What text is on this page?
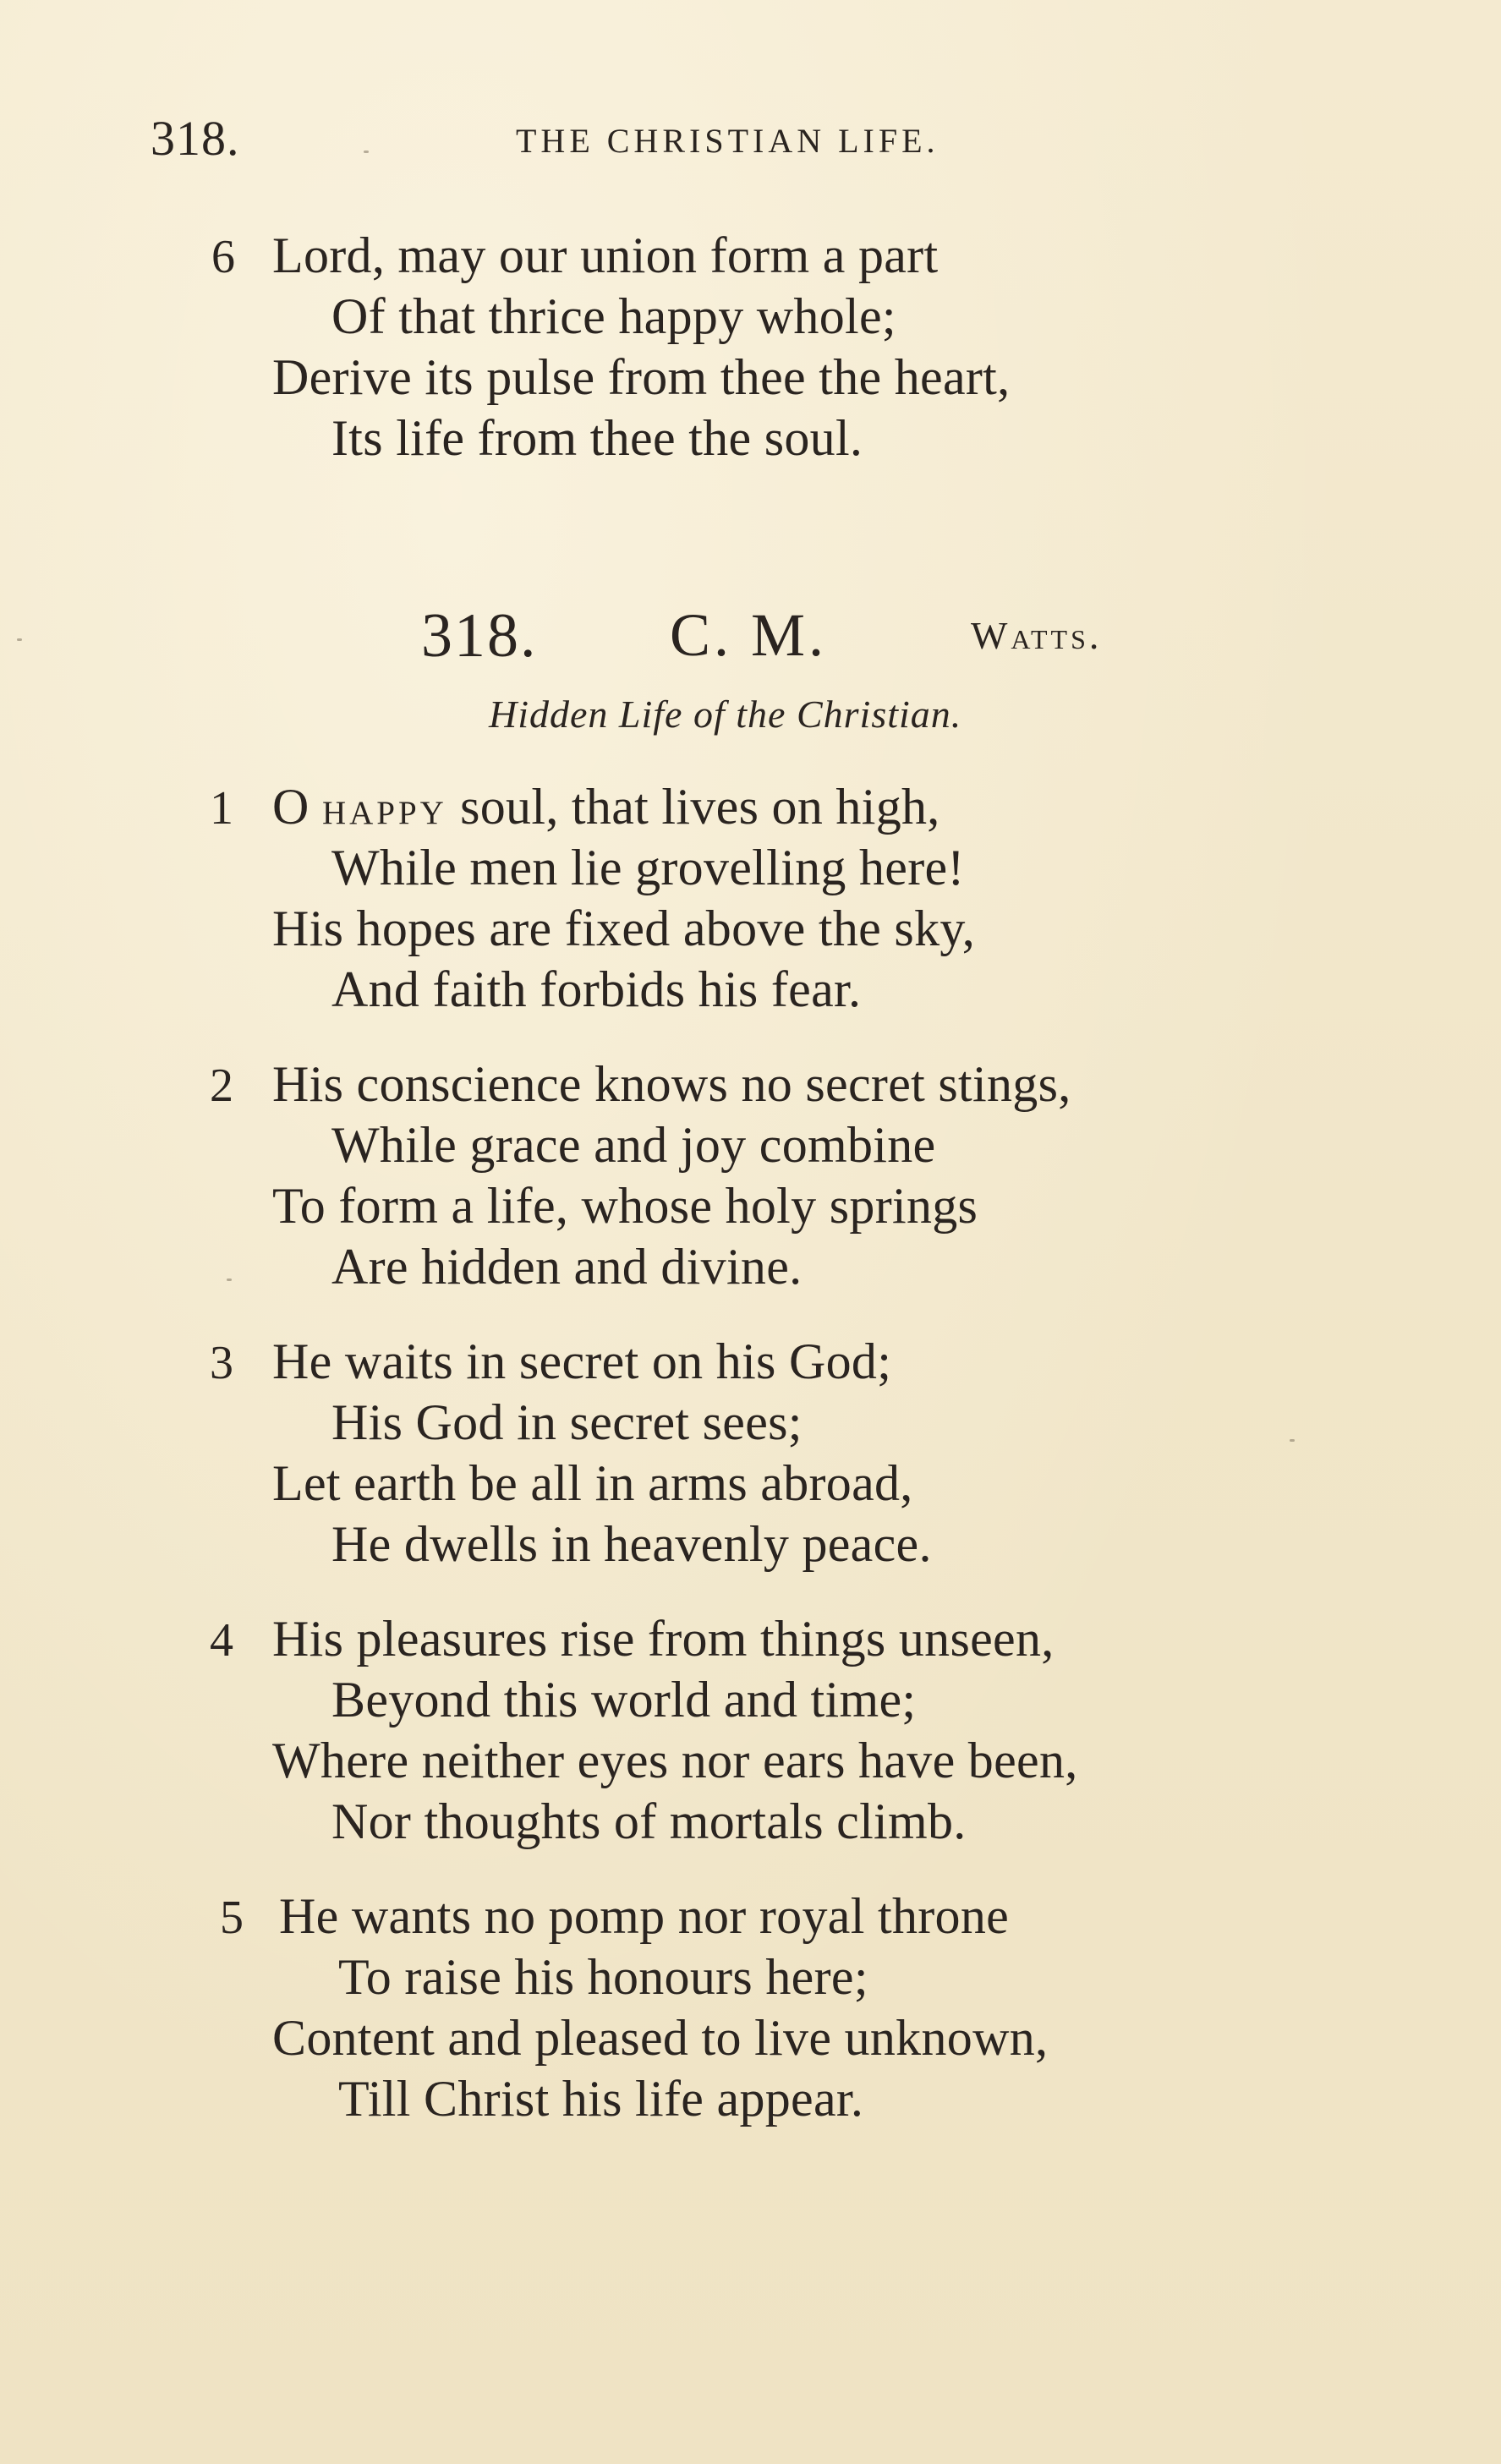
318.	THE CHRISTIAN LIFE.
6 Lord, may our union form a part
Of that thrice happy whole;
Derive its pulse from thee the heart,
Its life from thee the soul.
318. C. M.	Watts.
Hidden Life of the Christian.
1 O happy soul, that lives on high,
While men lie grovelling here!
His hopes are fixed above the sky,
And faith forbids his fear.
2 His conscience knows no secret stings,
While grace and joy combine
To form a life, whose holy springs
Are hidden and divine.
3 He waits in secret on his God;
His God in secret sees;
Let earth be all in arms abroad,
He dwells in heavenly peace.
4 His pleasures rise from things unseen,
Beyond this world and time;
Where neither eyes nor ears have been,
Nor thoughts of mortals climb.
5 He wants no pomp nor royal throne
To raise his honours here;
Content and pleased to live unknown,
Till Christ his life appear.
